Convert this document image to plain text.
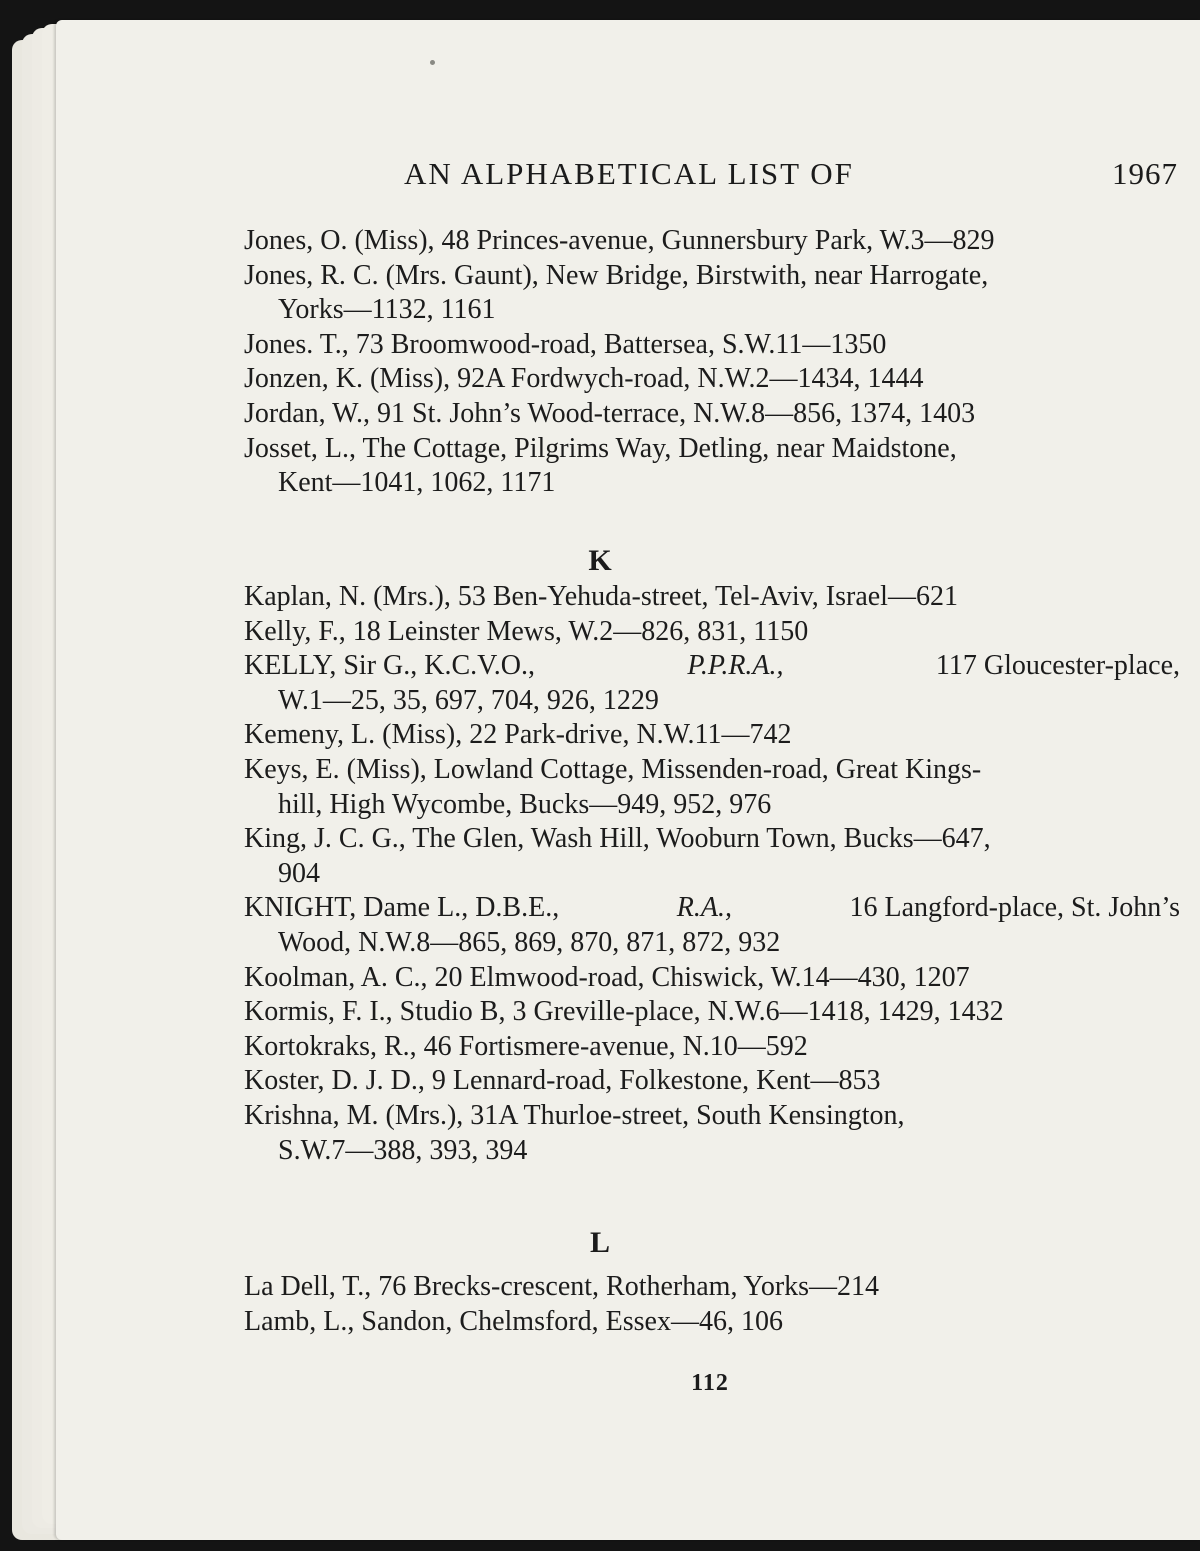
AN ALPHABETICAL LIST OF	1967
Jones, O. (Miss), 48 Princes-avenue, Gunnersbury Park, W.3—829
Jones, R. C. (Mrs. Gaunt), New Bridge, Birstwith, near Harrogate,
Yorks—1132, 1161
Jones. T., 73 Broomwood-road, Battersea, S.W.11—1350
Jonzen, K. (Miss), 92A Fordwych-road, N.W.2—1434, 1444
Jordan, W., 91 St. John’s Wood-terrace, N.W.8—856, 1374, 1403
Josset, L., The Cottage, Pilgrims Way, Detling, near Maidstone,
Kent—1041, 1062, 1171
K
Kaplan, N. (Mrs.), 53 Ben-Yehuda-street, Tel-Aviv, Israel—621
Kelly, F., 18 Leinster Mews, W.2—826, 831, 1150
KELLY, Sir G., K.C.V.O.,	P.P.R.A.,	117 Gloucester-place,
W.1—25, 35, 697, 704, 926, 1229
Kemeny, L. (Miss), 22 Park-drive, N.W.11—742
Keys, E. (Miss), Lowland Cottage, Missenden-road, Great Kings-
hill, High Wycombe, Bucks—949, 952, 976
King, J. C. G., The Glen, Wash Hill, Wooburn Town, Bucks—647,
904
KNIGHT, Dame L., D.B.E.,	R.A.,	16 Langford-place, St. John’s
Wood, N.W.8—865, 869, 870, 871, 872, 932
Koolman, A. C., 20 Elmwood-road, Chiswick, W.14—430, 1207
Kormis, F. I., Studio B, 3 Greville-place, N.W.6—1418, 1429, 1432
Kortokraks, R., 46 Fortismere-avenue, N.10—592
Koster, D. J. D., 9 Lennard-road, Folkestone, Kent—853
Krishna, M. (Mrs.), 31A Thurloe-street, South Kensington,
S.W.7—388, 393, 394
L
La Dell, T., 76 Brecks-crescent, Rotherham, Yorks—214
Lamb, L., Sandon, Chelmsford, Essex—46, 106
112
